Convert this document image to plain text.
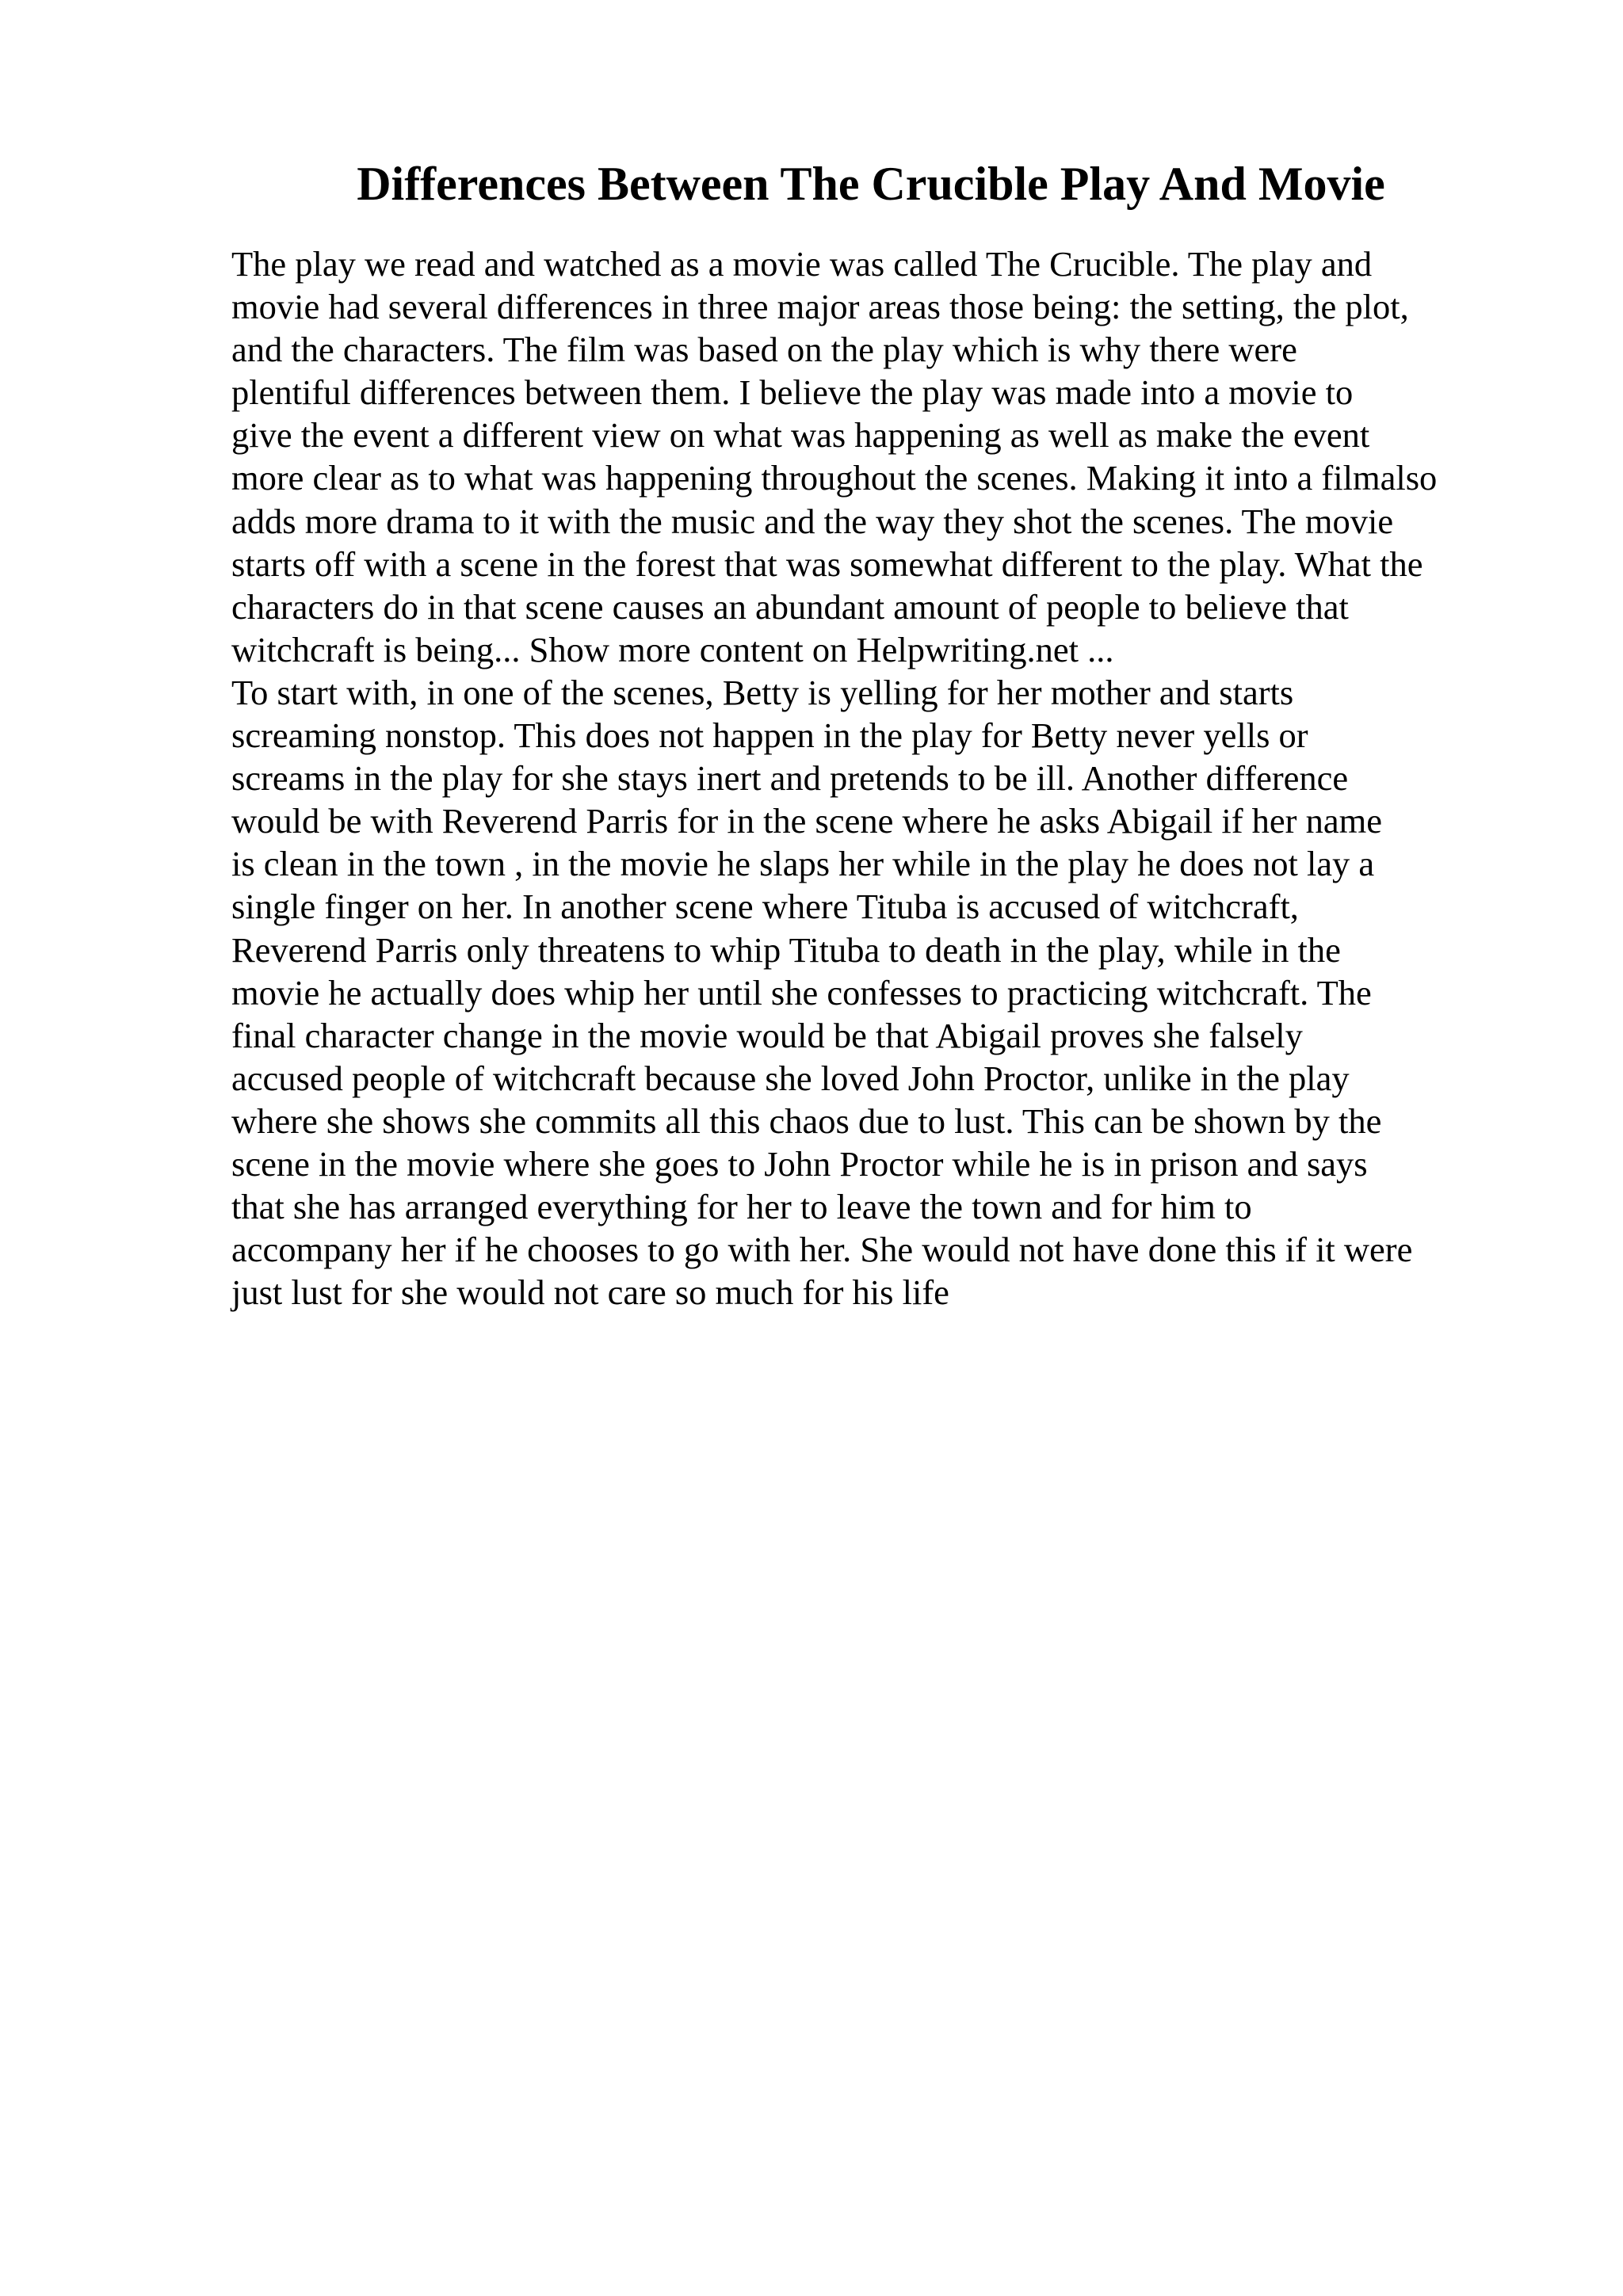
Differences Between The Crucible Play And Movie
The play we read and watched as a movie was called The Crucible. The play and
movie had several differences in three major areas those being: the setting, the plot,
and the characters. The film was based on the play which is why there were
plentiful differences between them. I believe the play was made into a movie to
give the event a different view on what was happening as well as make the event
more clear as to what was happening throughout the scenes. Making it into a filmalso
adds more drama to it with the music and the way they shot the scenes. The movie
starts off with a scene in the forest that was somewhat different to the play. What the
characters do in that scene causes an abundant amount of people to believe that
witchcraft is being... Show more content on Helpwriting.net ...
To start with, in one of the scenes, Betty is yelling for her mother and starts
screaming nonstop. This does not happen in the play for Betty never yells or
screams in the play for she stays inert and pretends to be ill. Another difference
would be with Reverend Parris for in the scene where he asks Abigail if her name
is clean in the town , in the movie he slaps her while in the play he does not lay a
single finger on her. In another scene where Tituba is accused of witchcraft,
Reverend Parris only threatens to whip Tituba to death in the play, while in the
movie he actually does whip her until she confesses to practicing witchcraft. The
final character change in the movie would be that Abigail proves she falsely
accused people of witchcraft because she loved John Proctor, unlike in the play
where she shows she commits all this chaos due to lust. This can be shown by the
scene in the movie where she goes to John Proctor while he is in prison and says
that she has arranged everything for her to leave the town and for him to
accompany her if he chooses to go with her. She would not have done this if it were
just lust for she would not care so much for his life
